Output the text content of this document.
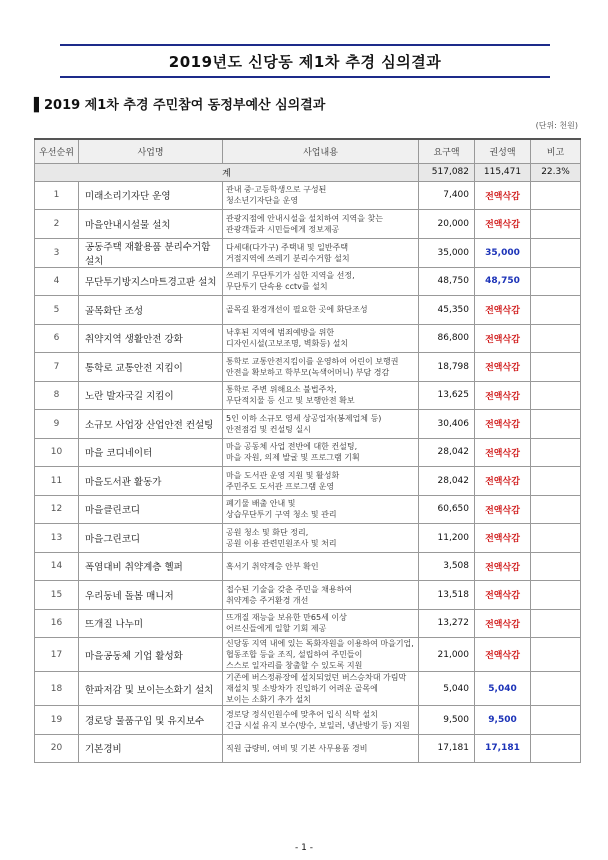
2019년도 신당동 제1차 추경 심의결과
▌2019 제1차 추경 주민참여 동정부예산 심의결과
(단위: 천원)
우선순위	사업명	사업내용	요구액	권성액	비고
계			517,082	115,471	22.3%
1	미래소리기자단 운영	관내 중·고등학생으로 구성된
청소년기자단을 운영	7,400	전액삭감	
2	마을안내시설물 설치	관광지점에 안내시설을 설치하여 지역을 찾는
관광객들과 시민들에게 정보제공	20,000	전액삭감	
3	공동주택 재활용품 분리수거함 설치	다세대(다가구) 주택내 및 일반주택
거점지역에 쓰레기 분리수거함 설치	35,000	35,000	
4	무단투기방지스마트경고판 설치	쓰레기 무단투기가 심한 지역을 선정,
무단투기 단속용 cctv를 설치	48,750	48,750	
5	골목화단 조성	골목길 환경개선이 필요한 곳에 화단조성	45,350	전액삭감	
6	취약지역 생활안전 강화	낙후된 지역에 범죄예방을 위한
디자인시설(고보조명, 벽화등) 설치	86,800	전액삭감	
7	통학로 교통안전 지킴이	통학로 교통안전지킴이를 운영하여 어린이 보행권
안전을 확보하고 학부모(녹색어머니) 부담 경감	18,798	전액삭감	
8	노란 발자국길 지킴이	통학로 주변 위해요소 불법주차,
무단적치물 등 신고 및 보행안전 확보	13,625	전액삭감	
9	소규모 사업장 산업안전 컨설팅	5인 이하 소규모 영세 상공업자(봉제업체 등)
안전점검 및 컨설팅 실시	30,406	전액삭감	
10	마을 코디네이터	마을 공동체 사업 전반에 대한 컨설팅,
마을 자원, 의제 발굴 및 프로그램 기획	28,042	전액삭감	
11	마을도서관 활동가	마을 도서관 운영 지원 및 활성화
주민주도 도서관 프로그램 운영	28,042	전액삭감	
12	마을클린코디	폐기물 배출 안내 및
상습무단투기 구역 청소 및 관리	60,650	전액삭감	
13	마을그린코디	공원 청소 및 화단 정리,
공원 이용 관련민원조사 및 처리	11,200	전액삭감	
14	폭염대비 취약계층 헬퍼	혹서기 취약계층 안부 확인	3,508	전액삭감	
15	우리동네 돌봄 매니저	접수된 기술을 갖춘 주민을 채용하여
취약계층 주거환경 개선	13,518	전액삭감	
16	뜨개질 나누미	뜨개질 재능을 보유한 만65세 이상
어르신들에게 일할 기회 제공	13,272	전액삭감	
17	마을공동체 기업 활성화	신당동 지역 내에 있는 독화자원을 이용하여 마을기업, 협동조합 등을 조직, 설립하여 주민들이
스스로 일자리를 창출할 수 있도록 지원	21,000	전액삭감	
18	한파저감 및 보이는소화기 설치	기존에 버스정류장에 설치되었던 버스승차대 가림막 재설치 및 소방차가 진입하기 어려운 골목에
보이는 소화기 추가 설치	5,040	5,040	
19	경로당 물품구입 및 유지보수	경로당 정식인원수에 맞추어 입식 식탁 설치
긴급 시설 유지 보수(방수, 보일러, 냉난방기 등) 지원	9,500	9,500	
20	기본경비	직원 급량비, 여비 및 기본 사무용품 경비	17,181	17,181	
- 1 -
